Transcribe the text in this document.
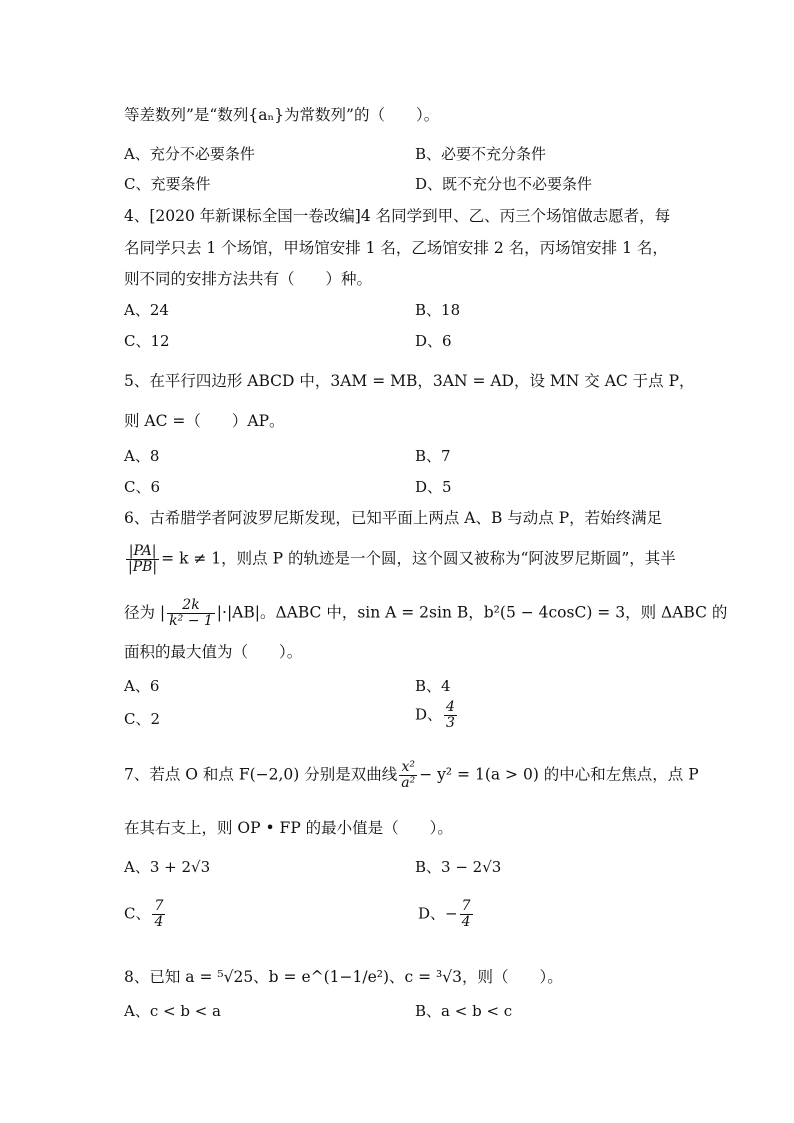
等差数列”是“数列{aₙ}为常数列”的（　　）。
A、充分不必要条件	B、必要不充分条件
C、充要条件	D、既不充分也不必要条件
4、[2020 年新课标全国一卷改编]4 名同学到甲、乙、丙三个场馆做志愿者，每
名同学只去 1 个场馆，甲场馆安排 1 名，乙场馆安排 2 名，丙场馆安排 1 名，
则不同的安排方法共有（　　）种。
A、24	B、18
C、12	D、6
5、在平行四边形 ABCD 中，3AM = MB，3AN = AD，设 MN 交 AC 于点 P，
则 AC =（　　）AP。
A、8	B、7
C、6	D、5
6、古希腊学者阿波罗尼斯发现，已知平面上两点 A、B 与动点 P，若始终满足
$\frac{|PA|}{|PB|} = k \ne 1$，则点 P 的轨迹是一个圆，这个圆又被称为“阿波罗尼斯圆”，其半
径为 | $\frac{2k}{\text{k² − 1}} |\cdot|AB|$。ΔABC 中，sin A = 2sin B，b²(5 − 4cosC) = 3，则 ΔABC 的
面积的最大值为（　　）。
A、6	B、4
C、2	D、 $\frac{4}{3}$
7、若点 O 和点 F(−2,0) 分别是双曲线 $\frac{\text{x²}}{\text{a²}} - y^2 = 1(a > 0)$ 的中心和左焦点，点 P
在其右支上，则 OP • FP 的最小值是（　　）。
A、3 + 2√3	B、3 − 2√3
C、 $\frac{7}{4}$	D、− $\frac{7}{4}$
8、已知 a = ⁵√25、b = e^(1−1/e²)、c = ³√3，则（　　）。
A、c < b < a	B、a < b < c
